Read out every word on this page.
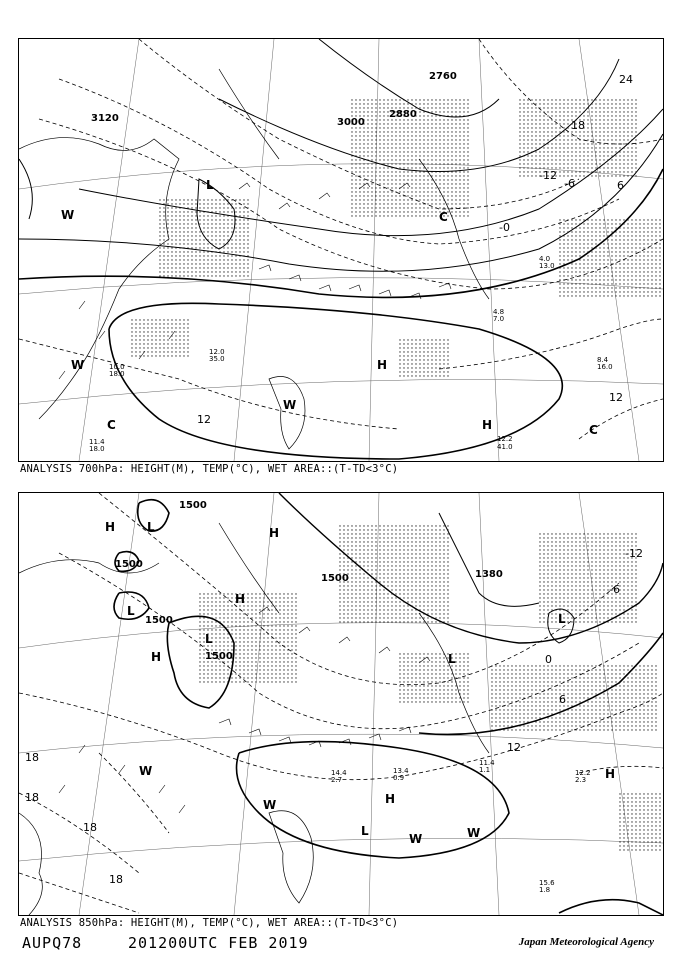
8.4
16.0
4.8
7.0
12.2
41.0
11.4
18.0
12.0
35.0
10.0
18.0
4.0
13.0
3120	3000
2880
2760
-12
-6
-0
6
12
18
24
12
L
H
W
W
C
W
C
C
H
ANALYSIS 700hPa: HEIGHT(M), TEMP(°C), WET AREA::(T-TD<3°C)
12.2
2.3
15.6
1.8
11.4
1.1
13.4
0.9
14.4
2.7
1500
1500
1500
1500
1500	1380
-12
-6
0
6
12
18
18
18
18
H	L
L
L
H
H
H
L
L
H
W
W
W	W
L
H
ANALYSIS 850hPa: HEIGHT(M), TEMP(°C), WET AREA::(T-TD<3°C)
AUPQ78	201200UTC FEB 2019	Japan Meteorological Agency
